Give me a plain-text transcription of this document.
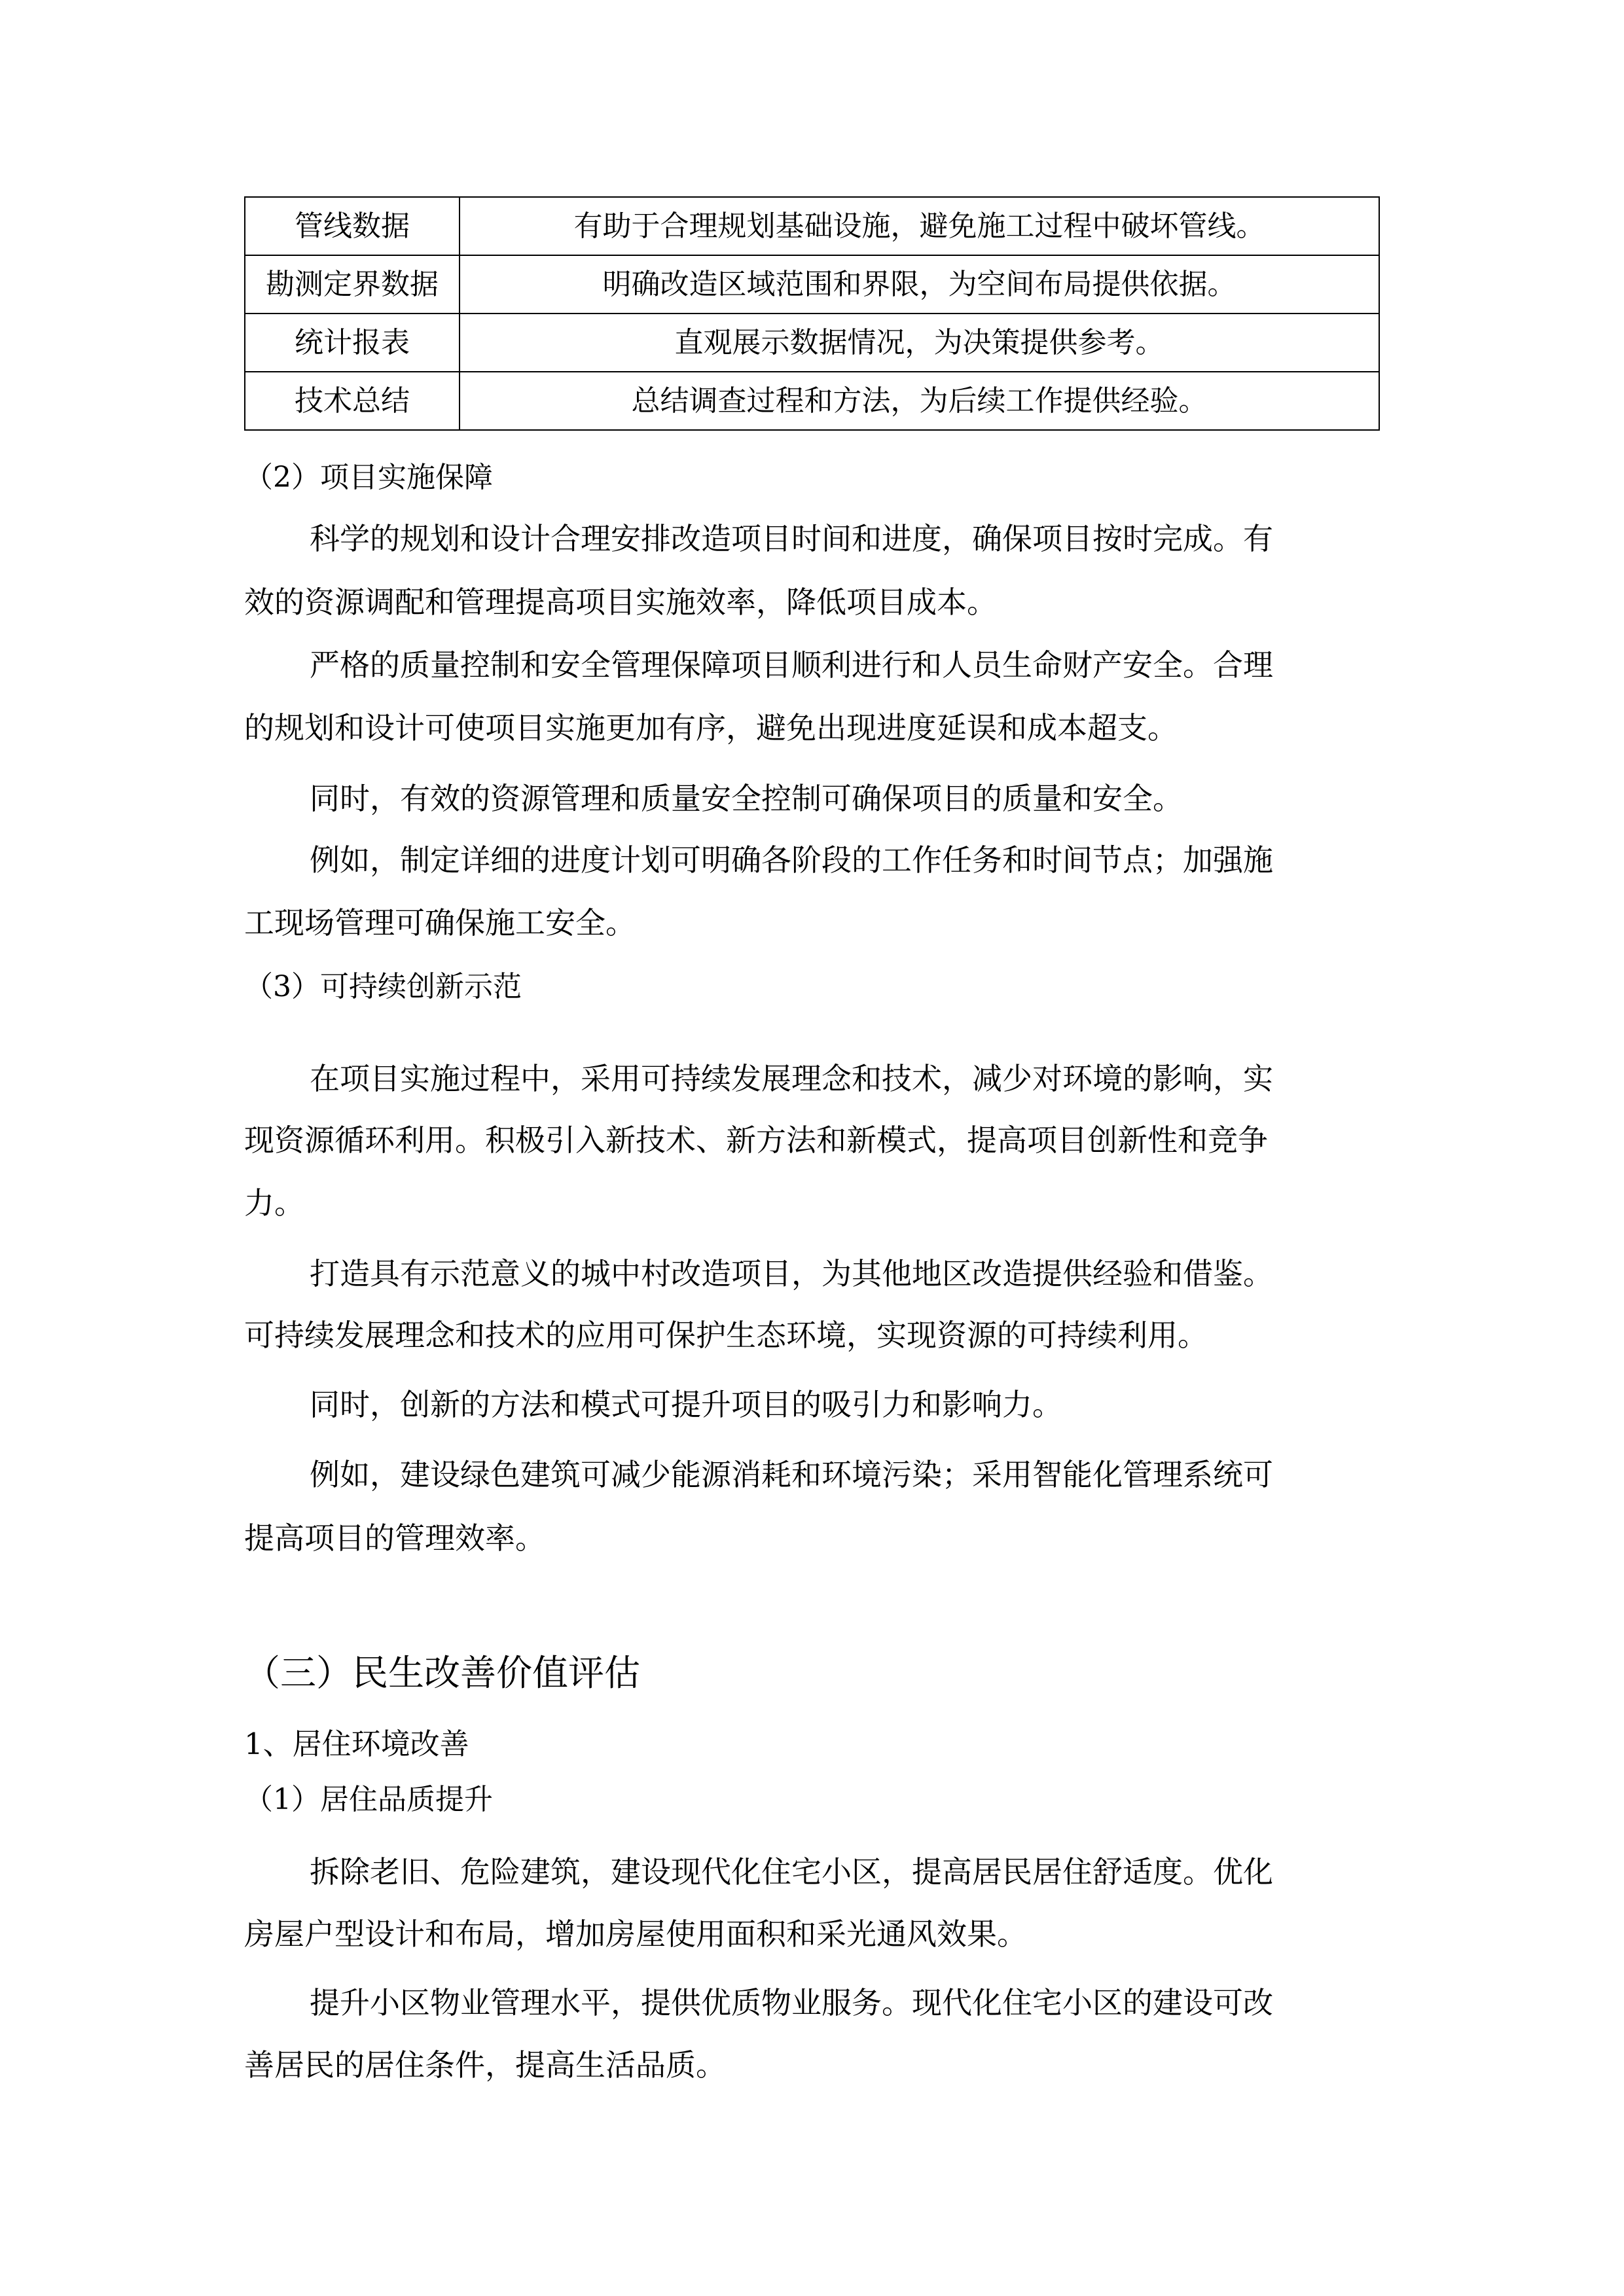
管线数据	有助于合理规划基础设施，避免施工过程中破坏管线。
勘测定界数据	明确改造区域范围和界限，为空间布局提供依据。
统计报表	直观展示数据情况，为决策提供参考。
技术总结	总结调查过程和方法，为后续工作提供经验。
（2）项目实施保障
科学的规划和设计合理安排改造项目时间和进度，确保项目按时完成。有
效的资源调配和管理提高项目实施效率，降低项目成本。
严格的质量控制和安全管理保障项目顺利进行和人员生命财产安全。合理
的规划和设计可使项目实施更加有序，避免出现进度延误和成本超支。
同时，有效的资源管理和质量安全控制可确保项目的质量和安全。
例如，制定详细的进度计划可明确各阶段的工作任务和时间节点；加强施
工现场管理可确保施工安全。
（3）可持续创新示范
在项目实施过程中，采用可持续发展理念和技术，减少对环境的影响，实
现资源循环利用。积极引入新技术、新方法和新模式，提高项目创新性和竞争
力。
打造具有示范意义的城中村改造项目，为其他地区改造提供经验和借鉴。
可持续发展理念和技术的应用可保护生态环境，实现资源的可持续利用。
同时，创新的方法和模式可提升项目的吸引力和影响力。
例如，建设绿色建筑可减少能源消耗和环境污染；采用智能化管理系统可
提高项目的管理效率。
（三）民生改善价值评估
1、居住环境改善
（1）居住品质提升
拆除老旧、危险建筑，建设现代化住宅小区，提高居民居住舒适度。优化
房屋户型设计和布局，增加房屋使用面积和采光通风效果。
提升小区物业管理水平，提供优质物业服务。现代化住宅小区的建设可改
善居民的居住条件，提高生活品质。
